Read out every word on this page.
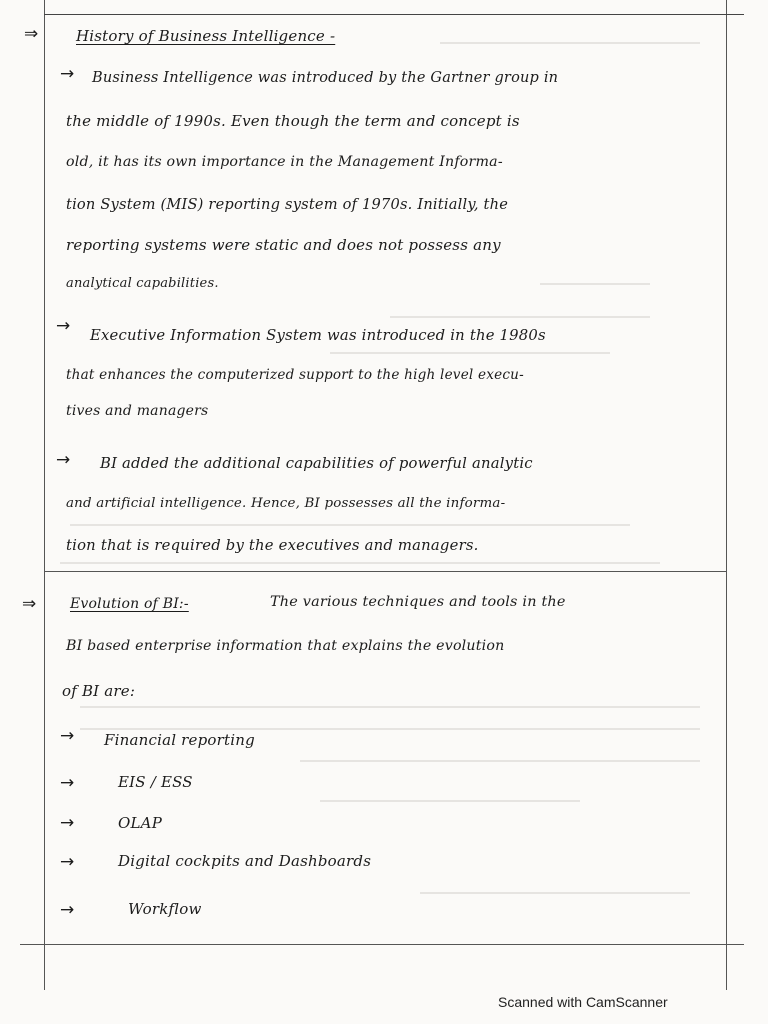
⇒	History of Business Intelligence -
→ Business Intelligence was introduced by the Gartner group in
the middle of 1990s. Even though the term and concept is
old, it has its own importance in the Management Informa-
tion System (MIS) reporting system of 1970s. Initially, the
reporting systems were static and does not possess any
analytical capabilities.
→ Executive Information System was introduced in the 1980s
that enhances the computerized support to the high level execu-
tives and managers
→ BI added the additional capabilities of powerful analytic
and artificial intelligence. Hence, BI possesses all the informa-
tion that is required by the executives and managers.
⇒ Evolution of BI:-	The various techniques and tools in the
BI based enterprise information that explains the evolution
of BI are:
→ Financial reporting
→	EIS / ESS
→	OLAP
→	Digital cockpits and Dashboards
→	Workflow
Scanned with CamScanner
